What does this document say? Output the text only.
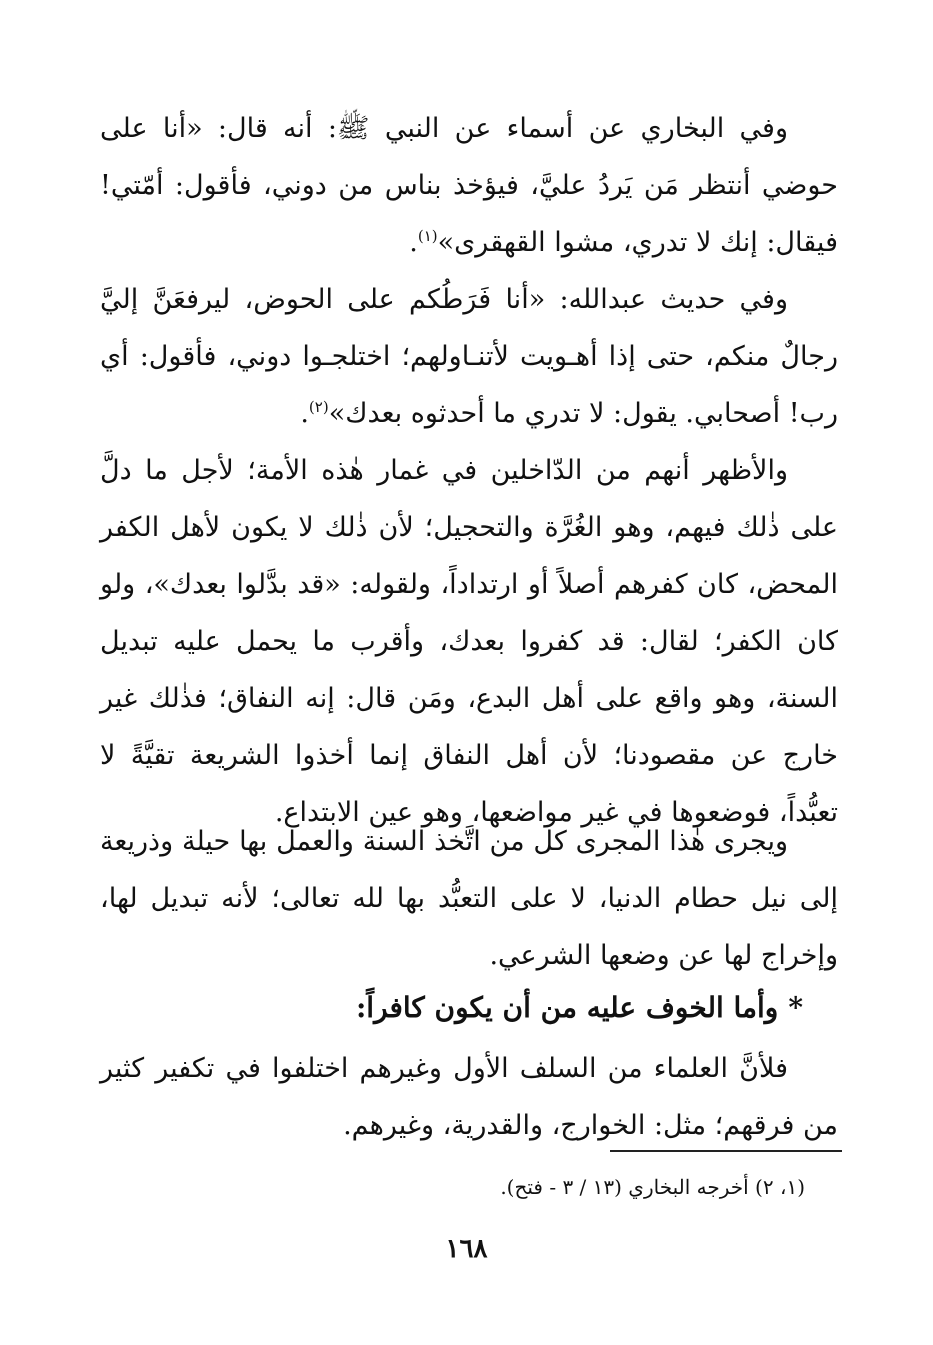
وفي البخاري عن أسماء عن النبي ﷺ: أنه قال: «أنا على حوضي أنتظر مَن يَردُ عليَّ، فيؤخذ بناس من دوني، فأقول: أمّتي! فيقال: إنك لا تدري، مشوا القهقرى»$^{(١)}$.

وفي حديث عبدالله: «أنا فَرَطُكم على الحوض، ليرفعَنَّ إليَّ رجالٌ منكم، حتى إذا أهـويت لأتنـاولهم؛ اختلجـوا دوني، فأقول: أي رب! أصحابي. يقول: لا تدري ما أحدثوه بعدك»$^{(٢)}$.

والأظهر أنهم من الدّاخلين في غمار هٰذه الأمة؛ لأجل ما دلَّ على ذٰلك فيهم، وهو الغُرَّة والتحجيل؛ لأن ذٰلك لا يكون لأهل الكفر المحض، كان كفرهم أصلاً أو ارتداداً، ولقوله: «قد بدَّلوا بعدك»، ولو كان الكفر؛ لقال: قد كفروا بعدك، وأقرب ما يحمل عليه تبديل السنة، وهو واقع على أهل البدع، ومَن قال: إنه النفاق؛ فذٰلك غير خارج عن مقصودنا؛ لأن أهل النفاق إنما أخذوا الشريعة تقيَّةً لا تعبُّداً، فوضعوها في غير مواضعها، وهو عين الابتداع.

ويجرى هٰذا المجرى كل من اتَّخذ السنة والعمل بها حيلة وذريعة إلى نيل حطام الدنيا، لا على التعبُّد بها لله تعالى؛ لأنه تبديل لها، وإخراج لها عن وضعها الشرعي.

*وأما الخوف عليه من أن يكون كافراً:

فلأنَّ العلماء من السلف الأول وغيرهم اختلفوا في تكفير كثير من فرقهم؛ مثل: الخوارج، والقدرية، وغيرهم.

(١، ٢) أخرجه البخاري (١٣ / ٣ - فتح).
١٦٨
